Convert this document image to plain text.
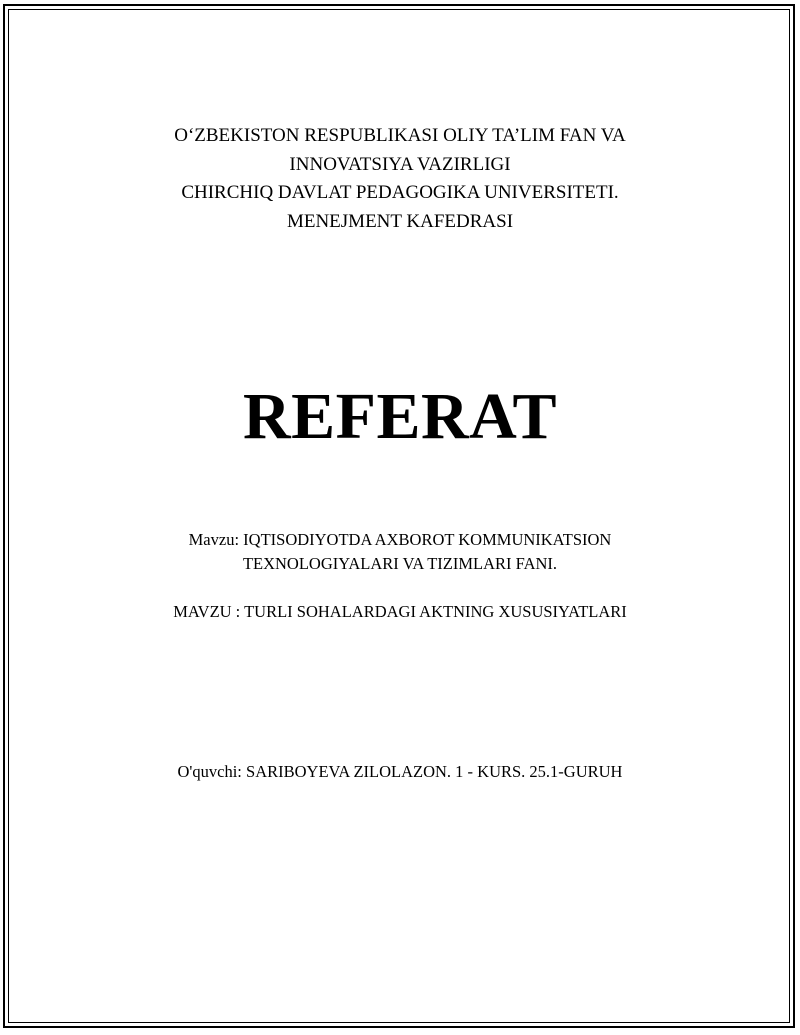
O‘ZBEKISTON RESPUBLIKASI OLIY TA’LIM FAN VA
INNOVATSIYA VAZIRLIGI
CHIRCHIQ DAVLAT PEDAGOGIKA UNIVERSITETI.
MENEJMENT KAFEDRASI
REFERAT
Mavzu: IQTISODIYOTDA AXBOROT KOMMUNIKATSION
TEXNOLOGIYALARI VA TIZIMLARI FANI.
MAVZU : TURLI SOHALARDAGI AKTNING XUSUSIYATLARI
O'quvchi: SARIBOYEVA ZILOLAZON. 1 - KURS. 25.1-GURUH
